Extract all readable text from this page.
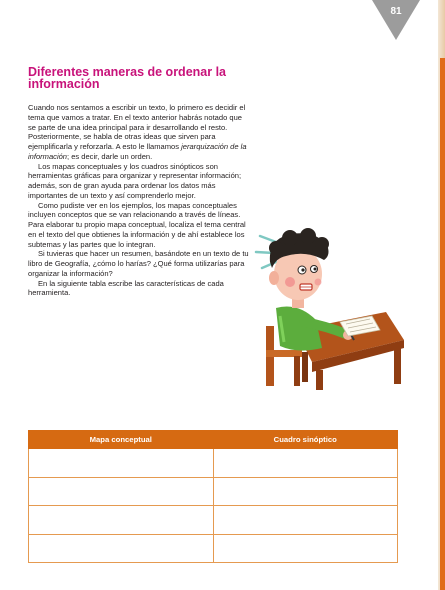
81
Diferentes maneras de ordenar la información

Cuando nos sentamos a escribir un texto, lo primero es decidir el tema que vamos a tratar. En el texto anterior habrás notado que se parte de una idea principal para ir desarrollando el resto. Posteriormente, se habla de otras ideas que sirven para ejemplificarla y reforzarla. A esto le llamamos jerarquización de la información; es decir, darle un orden.

Los mapas conceptuales y los cuadros sinópticos son herramientas gráficas para organizar y representar información; además, son de gran ayuda para ordenar los datos más importantes de un texto y así comprenderlo mejor.

Como pudiste ver en los ejemplos, los mapas conceptuales incluyen conceptos que se van relacionando a través de líneas. Para elaborar tu propio mapa conceptual, localiza el tema central en el texto del que obtienes la información y de ahí establece los subtemas y las partes que lo integran.

Si tuvieras que hacer un resumen, basándote en un texto de tu libro de Geografía, ¿cómo lo harías? ¿Qué forma utilizarías para organizar la información?

En la siguiente tabla escribe las características de cada herramienta.

Mapa conceptual	Cuadro sinóptico
